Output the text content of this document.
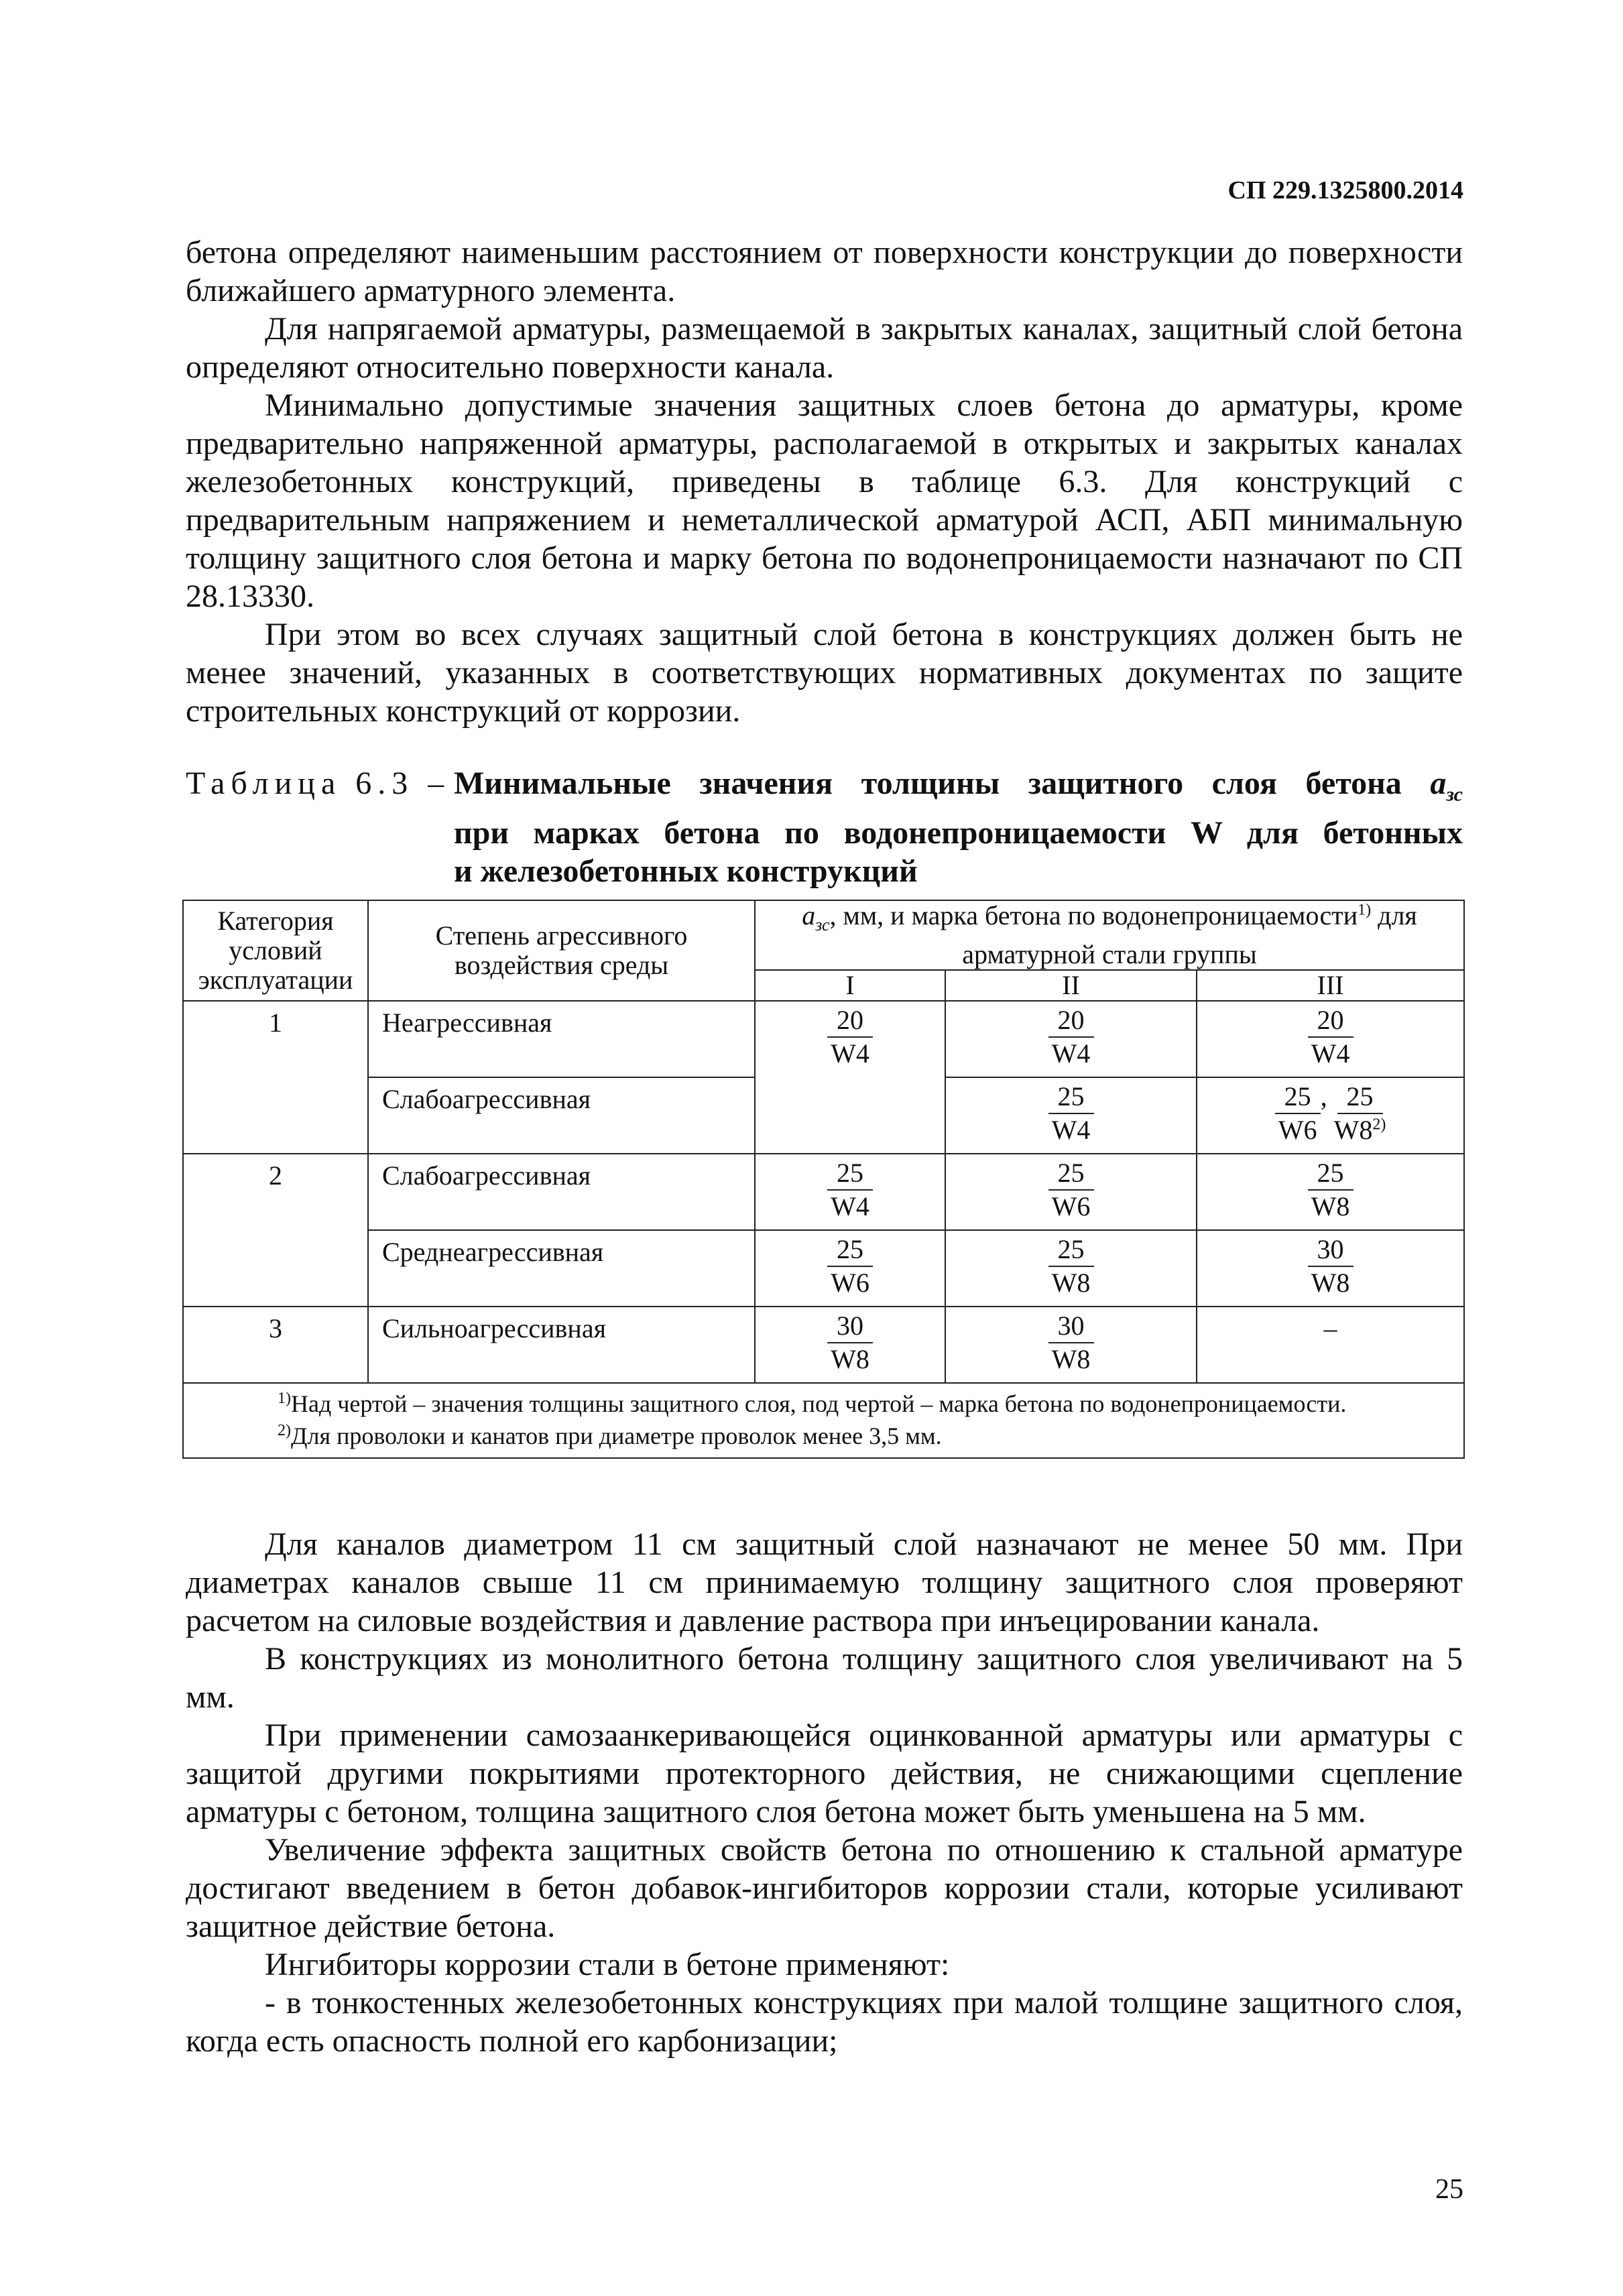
СП 229.1325800.2014

бетона определяют наименьшим расстоянием от поверхности конструкции до поверхности ближайшего арматурного элемента.

Для напрягаемой арматуры, размещаемой в закрытых каналах, защитный слой бетона определяют относительно поверхности канала.

Минимально допустимые значения защитных слоев бетона до арматуры, кроме предварительно напряженной арматуры, располагаемой в открытых и закрытых каналах железобетонных конструкций, приведены в таблице 6.3. Для конструкций с предварительным напряжением и неметаллической арматурой АСП, АБП минимальную толщину защитного слоя бетона и марку бетона по водонепроницаемости назначают по СП 28.13330.

При этом во всех случаях защитный слой бетона в конструкциях должен быть не менее значений, указанных в соответствующих нормативных документах по защите строительных конструкций от коррозии.

Таблица 6.3 – Минимальные значения толщины защитного слоя бетона $a_{зс}$
при марках бетона по водонепроницаемости W для бетонных
и железобетонных конструкций
Категория условий эксплуатации	Степень агрессивного воздействия среды	$a_{зс}$, мм, и марка бетона по водонепроницаемости$^{1)}$ для арматурной стали группы		
		I	II	III
1	Неагрессивная	$\frac{20}{W4}$	$\frac{20}{W4}$	$\frac{20}{W4}$

	Слабоагрессивная		$\frac{25}{W4}$	$\frac{25}{W6}$ , $\frac{25}{W8^{2)}}$

2	Слабоагрессивная	$\frac{25}{W4}$	$\frac{25}{W6}$	$\frac{25}{W8}$

	Среднеагрессивная	$\frac{25}{W6}$	$\frac{25}{W8}$	$\frac{30}{W8}$

3	Сильноагрессивная	$\frac{30}{W8}$	$\frac{30}{W8}$	–

$^{1)}$Над чертой – значения толщины защитного слоя, под чертой – марка бетона по водонепроницаемости.
$^{2)}$Для проволоки и канатов при диаметре проволок менее 3,5 мм.				

Для каналов диаметром 11 см защитный слой назначают не менее 50 мм. При диаметрах каналов свыше 11 см принимаемую толщину защитного слоя проверяют расчетом на силовые воздействия и давление раствора при инъецировании канала.

В конструкциях из монолитного бетона толщину защитного слоя увеличивают на 5 мм.

При применении самозаанкеривающейся оцинкованной арматуры или арматуры с защитой другими покрытиями протекторного действия, не снижающими сцепление арматуры с бетоном, толщина защитного слоя бетона может быть уменьшена на 5 мм.

Увеличение эффекта защитных свойств бетона по отношению к стальной арматуре достигают введением в бетон добавок-ингибиторов коррозии стали, которые усиливают защитное действие бетона.

Ингибиторы коррозии стали в бетоне применяют:

- в тонкостенных железобетонных конструкциях при малой толщине защитного слоя, когда есть опасность полной его карбонизации;

25
